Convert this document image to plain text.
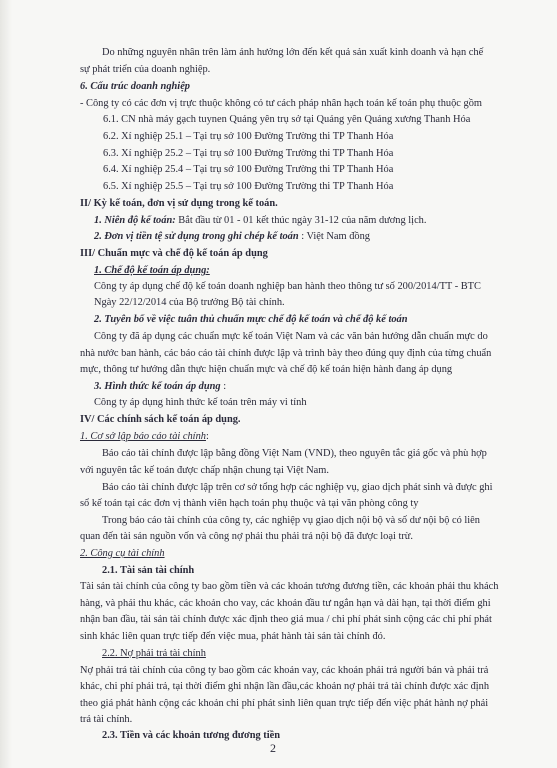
Do những nguyên nhân trên làm ảnh hưởng lớn đến kết quả sản xuất kinh doanh và hạn chế
sự phát triển của doanh nghiệp.
6. Cấu trúc doanh nghiệp
- Công ty có các đơn vị trực thuộc không có tư cách pháp nhân hạch toán kế toán phụ thuộc gồm
6.1. CN nhà máy gạch tuynen Quảng yên trụ sở tại Quảng yên Quảng xương Thanh Hóa
6.2. Xí nghiệp 25.1 – Tại trụ sở 100 Đường Trường thi TP Thanh Hóa
6.3. Xí nghiệp 25.2 – Tại trụ sở 100 Đường Trường thi TP Thanh Hóa
6.4. Xí nghiệp 25.4 – Tại trụ sở 100 Đường Trường thi TP Thanh Hóa
6.5. Xí nghiệp 25.5 – Tại trụ sở 100 Đường Trường thi TP Thanh Hóa
II/ Kỳ kế toán, đơn vị sử dụng trong kế toán.
1. Niên độ kế toán: Bắt đầu từ 01 - 01 kết thúc ngày 31-12 của năm dương lịch.
2. Đơn vị tiền tệ sử dụng trong ghi chép kế toán : Việt Nam đồng
III/ Chuẩn mực và chế độ kế toán áp dụng
1. Chế độ kế toán áp dụng:
Công ty áp dụng chế độ kế toán doanh nghiệp ban hành theo thông tư số 200/2014/TT - BTC
Ngày 22/12/2014 của Bộ trưởng Bộ tài chính.
2. Tuyên bố về việc tuân thủ chuẩn mực chế độ kế toán và chế độ kế toán
Công ty đã áp dụng các chuẩn mực kế toán Việt Nam và các văn bản hướng dẫn chuẩn mực do
nhà nước ban hành, các báo cáo tài chính được lập và trình bày theo đúng quy định của từng chuẩn
mực, thông tư hướng dẫn thực hiện chuẩn mực và chế độ kế toán hiện hành đang áp dụng
3. Hình thức kế toán áp dụng :
Công ty áp dụng hình thức kế toán trên máy vi tính
IV/ Các chính sách kế toán áp dụng.
1. Cơ sở lập báo cáo tài chính:
Báo cáo tài chính được lập bằng đồng Việt Nam (VND), theo nguyên tắc giá gốc và phù hợp
với nguyên tắc kế toán được chấp nhận chung tại Việt Nam.
Báo cáo tài chính được lập trên cơ sở tổng hợp các nghiệp vụ, giao dịch phát sinh và được ghi
sổ kế toán tại các đơn vị thành viên hạch toán phụ thuộc và tại văn phòng công ty
Trong báo cáo tài chính của công ty, các nghiệp vụ giao dịch nội bộ và số dư nội bộ có liên
quan đến tài sản nguồn vốn và công nợ phải thu phải trả nội bộ đã được loại trừ.
2. Công cụ tài chính
2.1. Tài sản tài chính
Tài sản tài chính của công ty bao gồm tiền và các khoản tương đương tiền, các khoản phải thu khách
hàng, và phải thu khác, các khoản cho vay, các khoản đầu tư ngắn hạn và dài hạn, tại thời điểm ghi
nhận ban đầu, tài sản tài chính được xác định theo giá mua / chi phí phát sinh cộng các chi phí phát
sinh khác liên quan trực tiếp đến việc mua, phát hành tài sản tài chính đó.
2.2. Nợ phải trả tài chính
Nợ phải trả tài chính của công ty bao gồm các khoản vay, các khoản phải trả người bán và phải trả
khác, chi phí phải trả, tại thời điểm ghi nhận lần đầu,các khoản nợ phải trả tài chính được xác định
theo giá phát hành cộng các khoản chi phí phát sinh liên quan trực tiếp đến việc phát hành nợ phải
trả tài chính.
2.3. Tiền và các khoản tương đương tiền
2
